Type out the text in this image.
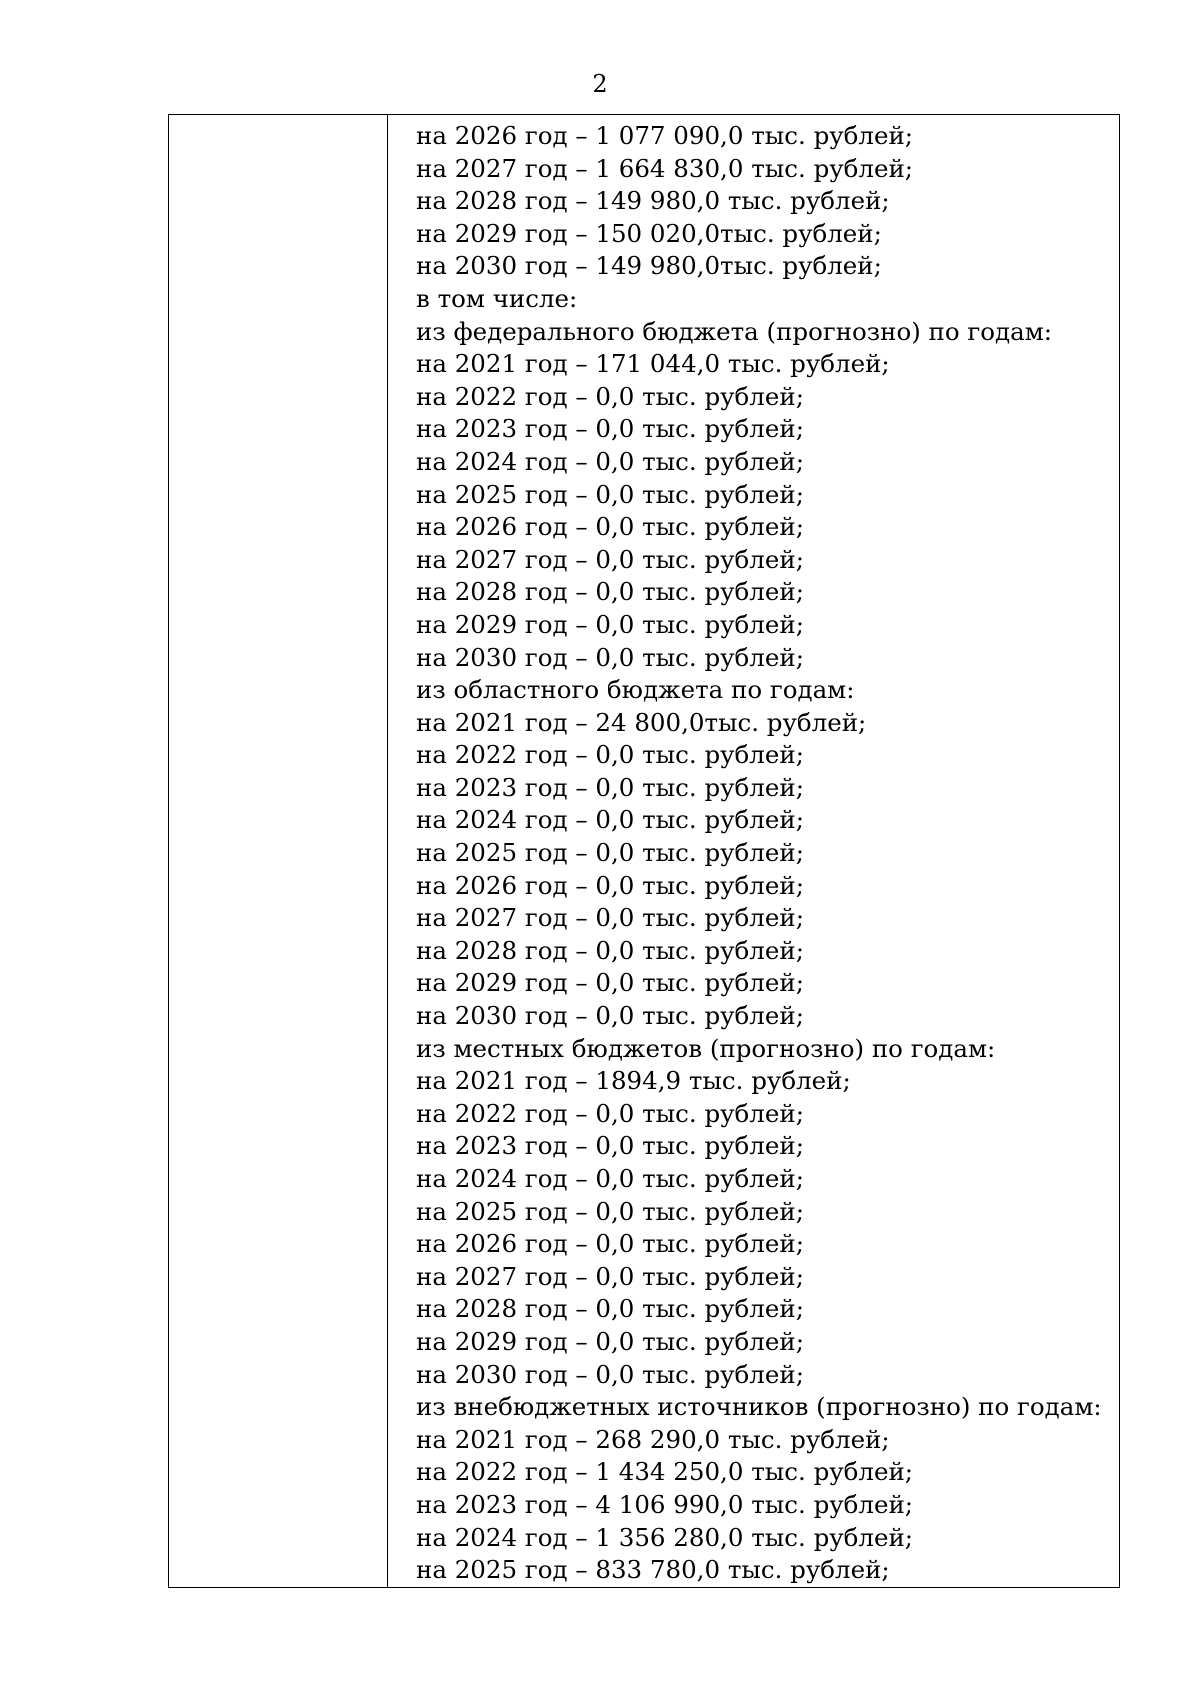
2

на 2026 год – 1 077 090,0 тыс. рублей;
на 2027 год – 1 664 830,0 тыс. рублей;
на 2028 год – 149 980,0 тыс. рублей;
на 2029 год – 150 020,0тыс. рублей;
на 2030 год – 149 980,0тыс. рублей;
в том числе:
из федерального бюджета (прогнозно) по годам:
на 2021 год – 171 044,0 тыс. рублей;
на 2022 год – 0,0 тыс. рублей;
на 2023 год – 0,0 тыс. рублей;
на 2024 год – 0,0 тыс. рублей;
на 2025 год – 0,0 тыс. рублей;
на 2026 год – 0,0 тыс. рублей;
на 2027 год – 0,0 тыс. рублей;
на 2028 год – 0,0 тыс. рублей;
на 2029 год – 0,0 тыс. рублей;
на 2030 год – 0,0 тыс. рублей;
из областного бюджета по годам:
на 2021 год – 24 800,0тыс. рублей;
на 2022 год – 0,0 тыс. рублей;
на 2023 год – 0,0 тыс. рублей;
на 2024 год – 0,0 тыс. рублей;
на 2025 год – 0,0 тыс. рублей;
на 2026 год – 0,0 тыс. рублей;
на 2027 год – 0,0 тыс. рублей;
на 2028 год – 0,0 тыс. рублей;
на 2029 год – 0,0 тыс. рублей;
на 2030 год – 0,0 тыс. рублей;
из местных бюджетов (прогнозно) по годам:
на 2021 год – 1894,9 тыс. рублей;
на 2022 год – 0,0 тыс. рублей;
на 2023 год – 0,0 тыс. рублей;
на 2024 год – 0,0 тыс. рублей;
на 2025 год – 0,0 тыс. рублей;
на 2026 год – 0,0 тыс. рублей;
на 2027 год – 0,0 тыс. рублей;
на 2028 год – 0,0 тыс. рублей;
на 2029 год – 0,0 тыс. рублей;
на 2030 год – 0,0 тыс. рублей;
из внебюджетных источников (прогнозно) по годам:
на 2021 год – 268 290,0 тыс. рублей;
на 2022 год – 1 434 250,0 тыс. рублей;
на 2023 год – 4 106 990,0 тыс. рублей;
на 2024 год – 1 356 280,0 тыс. рублей;
на 2025 год – 833 780,0 тыс. рублей;
